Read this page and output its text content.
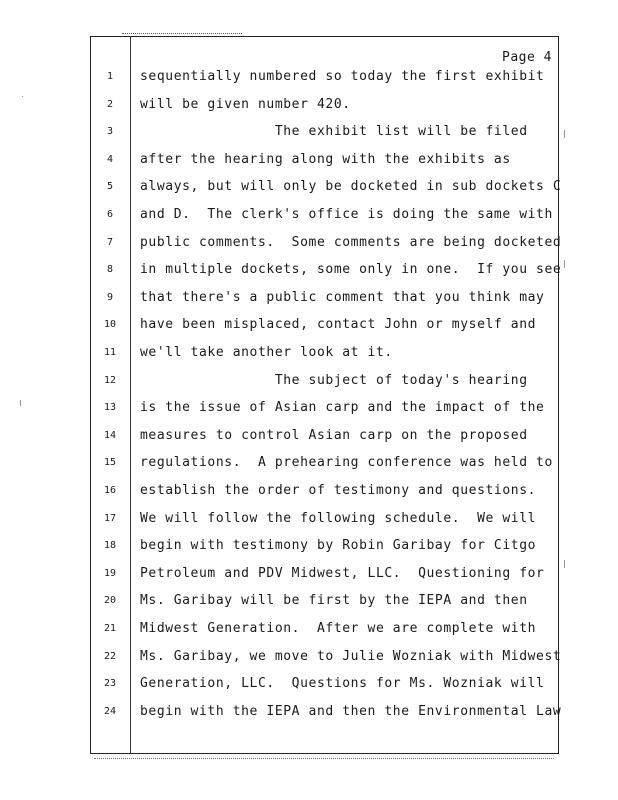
Page 4
1	sequentially numbered so today the first exhibit
2	will be given number 420.
3	The exhibit list will be filed
4	after the hearing along with the exhibits as
5	always, but will only be docketed in sub dockets C
6	and D.  The clerk's office is doing the same with
7	public comments.  Some comments are being docketed
8	in multiple dockets, some only in one.  If you see
9	that there's a public comment that you think may
10	have been misplaced, contact John or myself and
11	we'll take another look at it.
12	The subject of today's hearing
13	is the issue of Asian carp and the impact of the
14	measures to control Asian carp on the proposed
15	regulations.  A prehearing conference was held to
16	establish the order of testimony and questions.
17	We will follow the following schedule.  We will
18	begin with testimony by Robin Garibay for Citgo
19	Petroleum and PDV Midwest, LLC.  Questioning for
20	Ms. Garibay will be first by the IEPA and then
21	Midwest Generation.  After we are complete with
22	Ms. Garibay, we move to Julie Wozniak with Midwest
23	Generation, LLC.  Questions for Ms. Wozniak will
24	begin with the IEPA and then the Environmental Law
